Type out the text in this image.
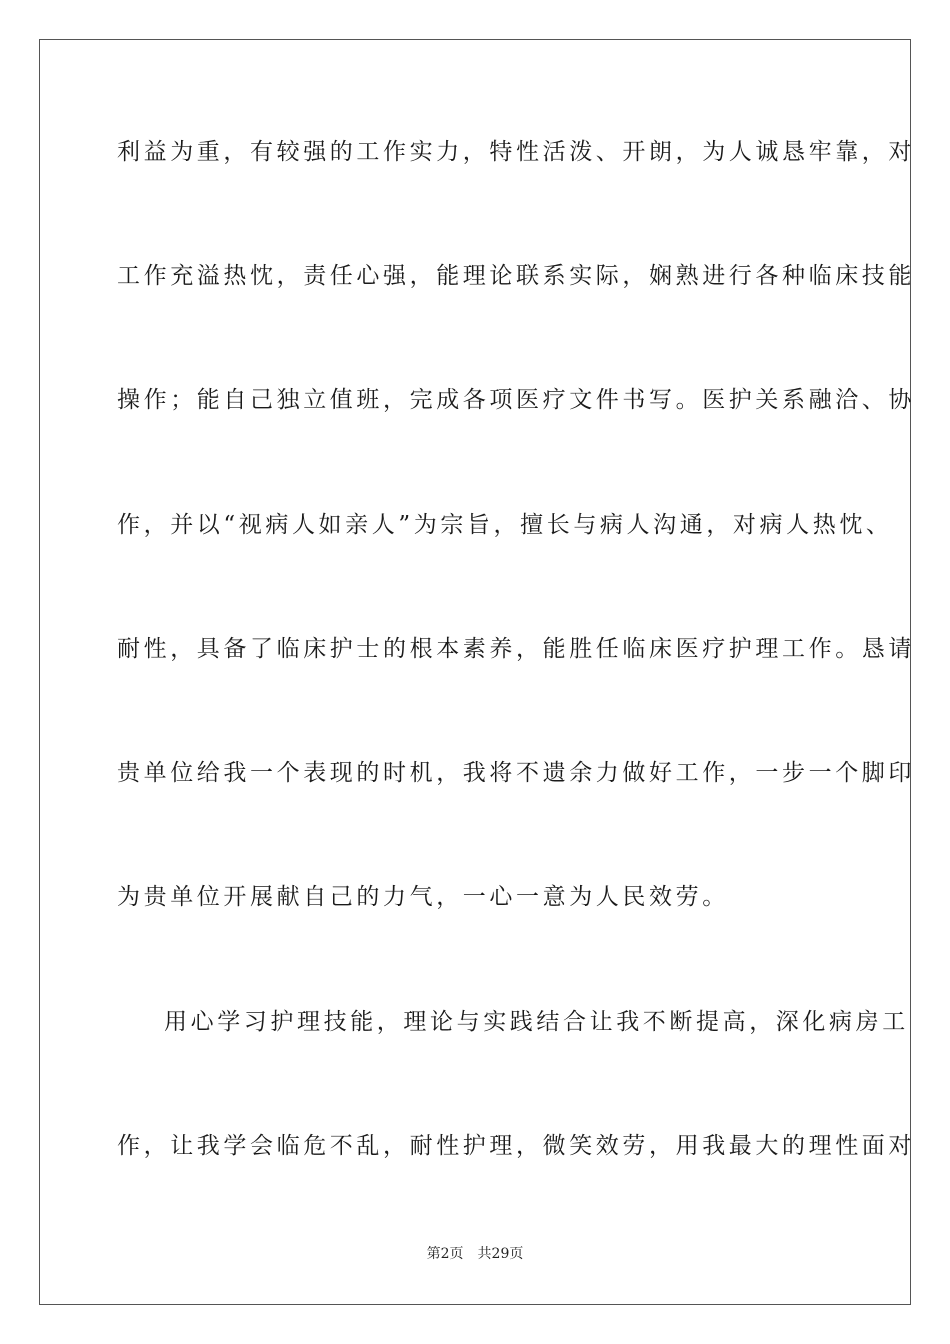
利益为重，有较强的工作实力，特性活泼、开朗，为人诚恳牢靠，对
工作充溢热忱，责任心强，能理论联系实际，娴熟进行各种临床技能
操作；能自己独立值班，完成各项医疗文件书写。医护关系融洽、协
作，并以“视病人如亲人”为宗旨，擅长与病人沟通，对病人热忱、
耐性，具备了临床护士的根本素养，能胜任临床医疗护理工作。恳请
贵单位给我一个表现的时机，我将不遗余力做好工作，一步一个脚印
为贵单位开展献自己的力气，一心一意为人民效劳。
用心学习护理技能，理论与实践结合让我不断提高，深化病房工
作，让我学会临危不乱，耐性护理，微笑效劳，用我最大的理性面对
第2页 共29页
